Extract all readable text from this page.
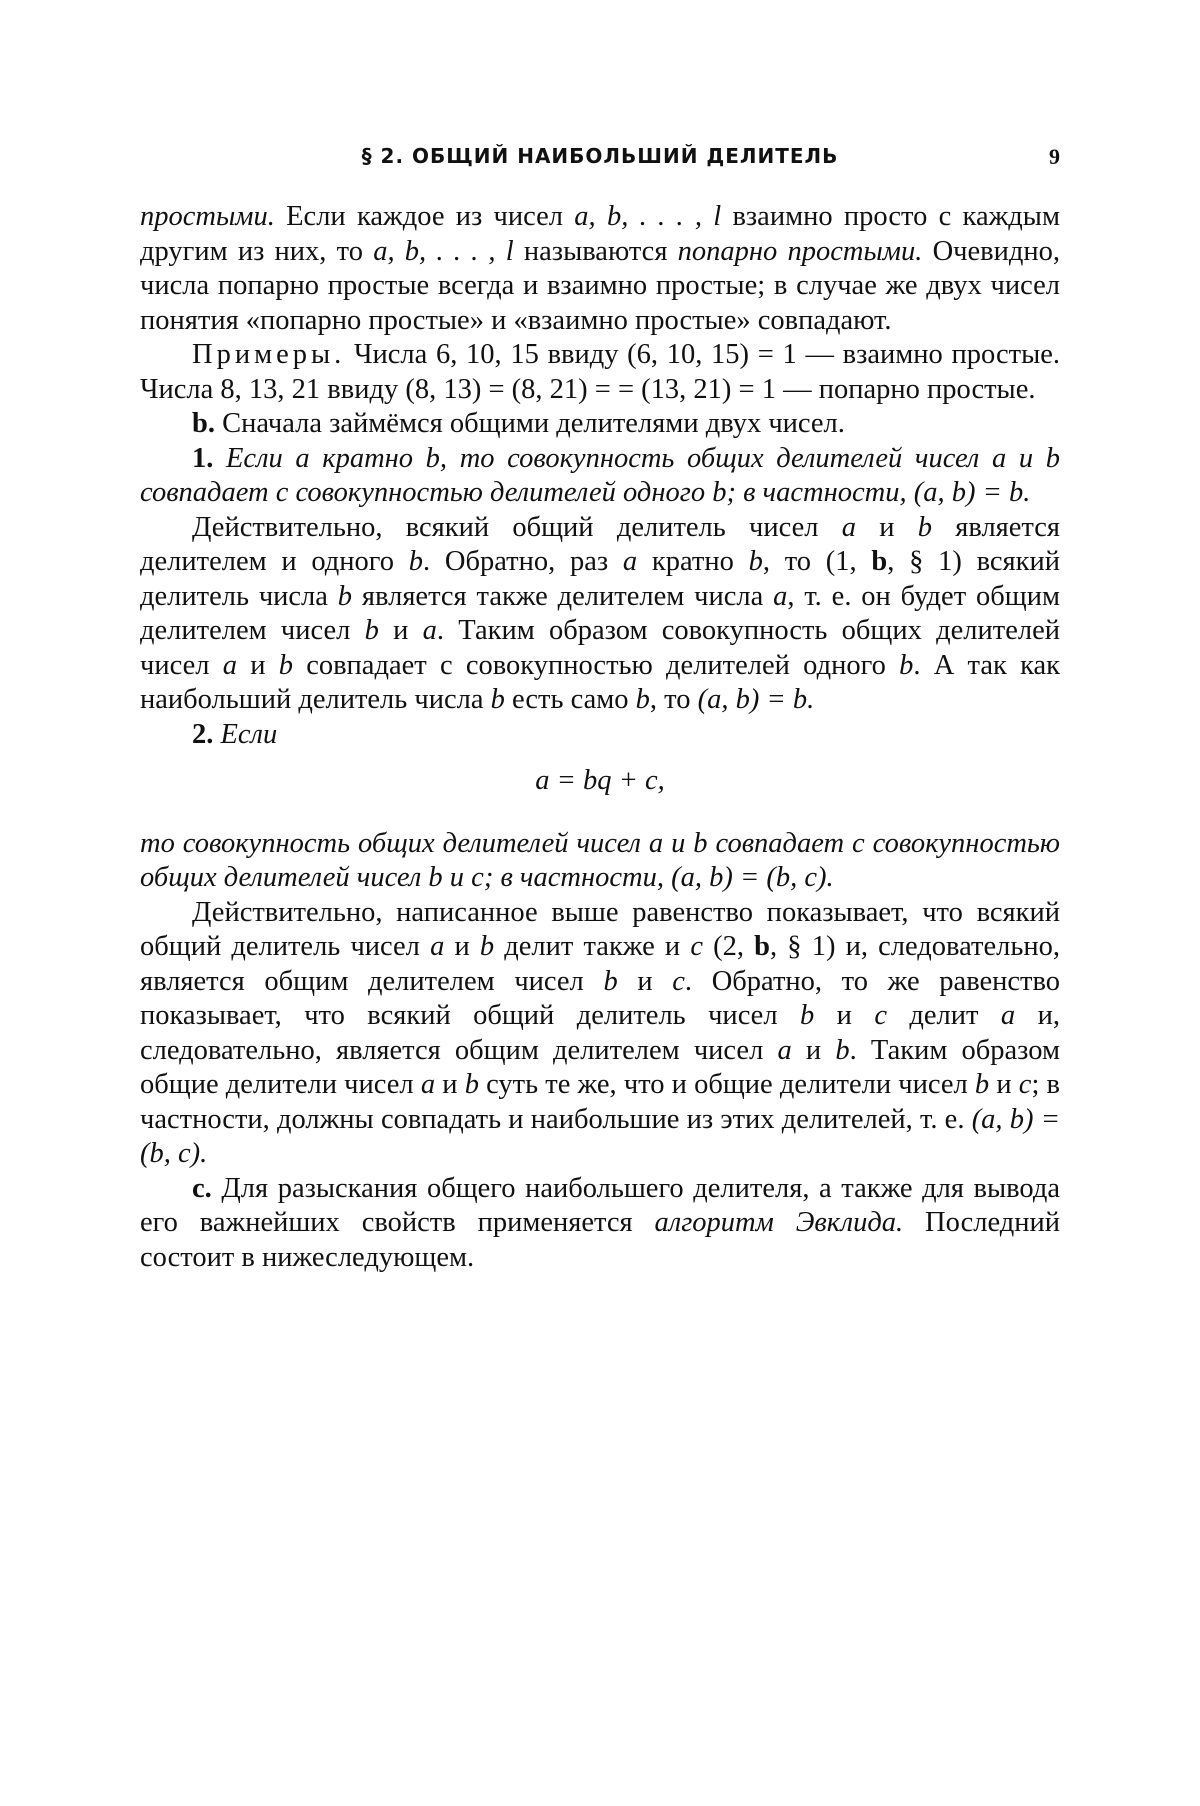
§ 2. ОБЩИЙ НАИБОЛЬШИЙ ДЕЛИТЕЛЬ	9

простыми. Если каждое из чисел a, b, . . . , l взаимно просто с каждым другим из них, то a, b, . . . , l называются попарно простыми. Очевидно, числа попарно простые всегда и взаимно простые; в случае же двух чисел понятия «попарно простые» и «взаимно простые» совпадают.

Примеры. Числа 6, 10, 15 ввиду (6, 10, 15) = 1 — взаимно простые. Числа 8, 13, 21 ввиду (8, 13) = (8, 21) = = (13, 21) = 1 — попарно простые.

b. Сначала займёмся общими делителями двух чисел.

1. Если a кратно b, то совокупность общих делителей чисел a и b совпадает с совокупностью делителей одного b; в частности, (a, b) = b.

Действительно, всякий общий делитель чисел a и b является делителем и одного b. Обратно, раз a кратно b, то (1, b, § 1) всякий делитель числа b является также делителем числа a, т. е. он будет общим делителем чисел b и a. Таким образом совокупность общих делителей чисел a и b совпадает с совокупностью делителей одного b. А так как наибольший делитель числа b есть само b, то (a, b) = b.

2. Если

a = bq + c,

то совокупность общих делителей чисел a и b совпадает с совокупностью общих делителей чисел b и c; в частности, (a, b) = (b, c).

Действительно, написанное выше равенство показывает, что всякий общий делитель чисел a и b делит также и c (2, b, § 1) и, следовательно, является общим делителем чисел b и c. Обратно, то же равенство показывает, что всякий общий делитель чисел b и c делит a и, следовательно, является общим делителем чисел a и b. Таким образом общие делители чисел a и b суть те же, что и общие делители чисел b и c; в частности, должны совпадать и наибольшие из этих делителей, т. е. (a, b) = (b, c).

c. Для разыскания общего наибольшего делителя, а также для вывода его важнейших свойств применяется алгоритм Эвклида. Последний состоит в нижеследующем.
